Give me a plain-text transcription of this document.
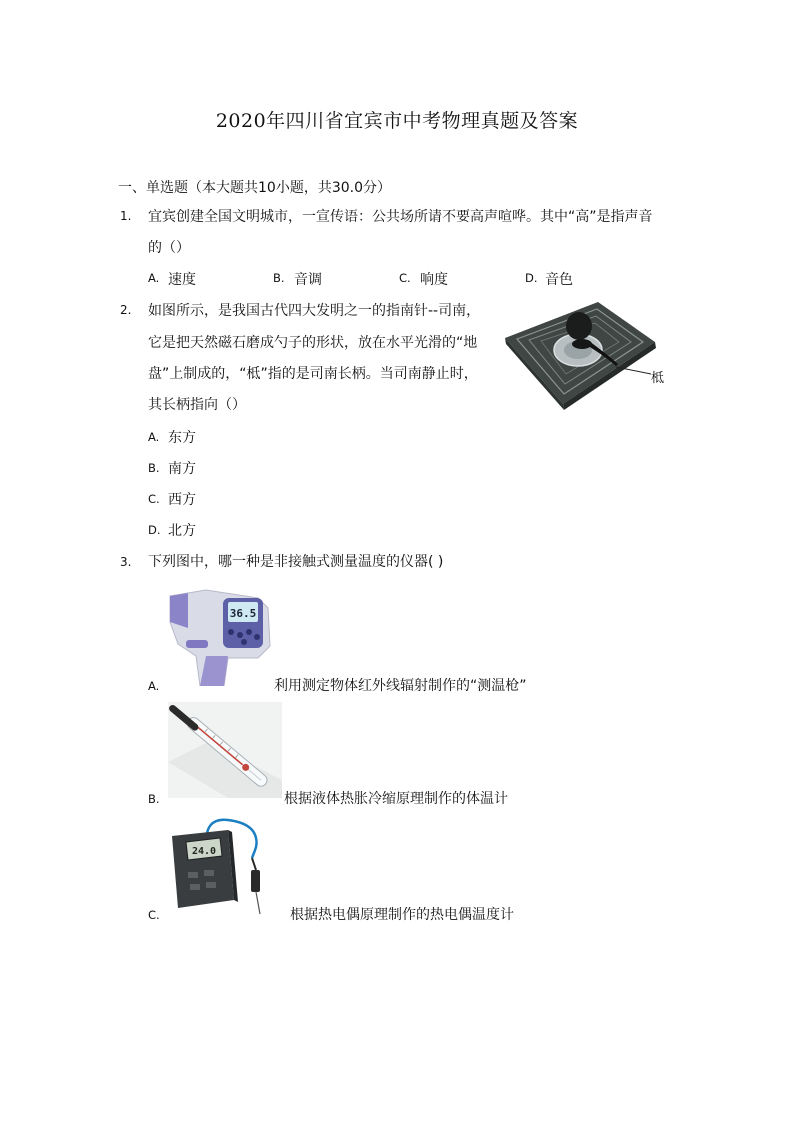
2020年四川省宜宾市中考物理真题及答案
一、单选题（本大题共10小题，共30.0分）
1. 宜宾创建全国文明城市，一宣传语：公共场所请不要高声喧哗。其中“高”是指声音
的（）
A. 速度	B. 音调	C. 响度	D. 音色
2. 如图所示，是我国古代四大发明之一的指南针--司南，
它是把天然磁石磨成勺子的形状，放在水平光滑的“地
盘”上制成的，“柢”指的是司南长柄。当司南静止时，
其长柄指向（）
柢
A. 东方
B. 南方
C. 西方
D. 北方
3. 下列图中，哪一种是非接触式测量温度的仪器( )
36.5
A.	利用测定物体红外线辐射制作的“测温枪”
B.	根据液体热胀冷缩原理制作的体温计
24.0
C.	根据热电偶原理制作的热电偶温度计
